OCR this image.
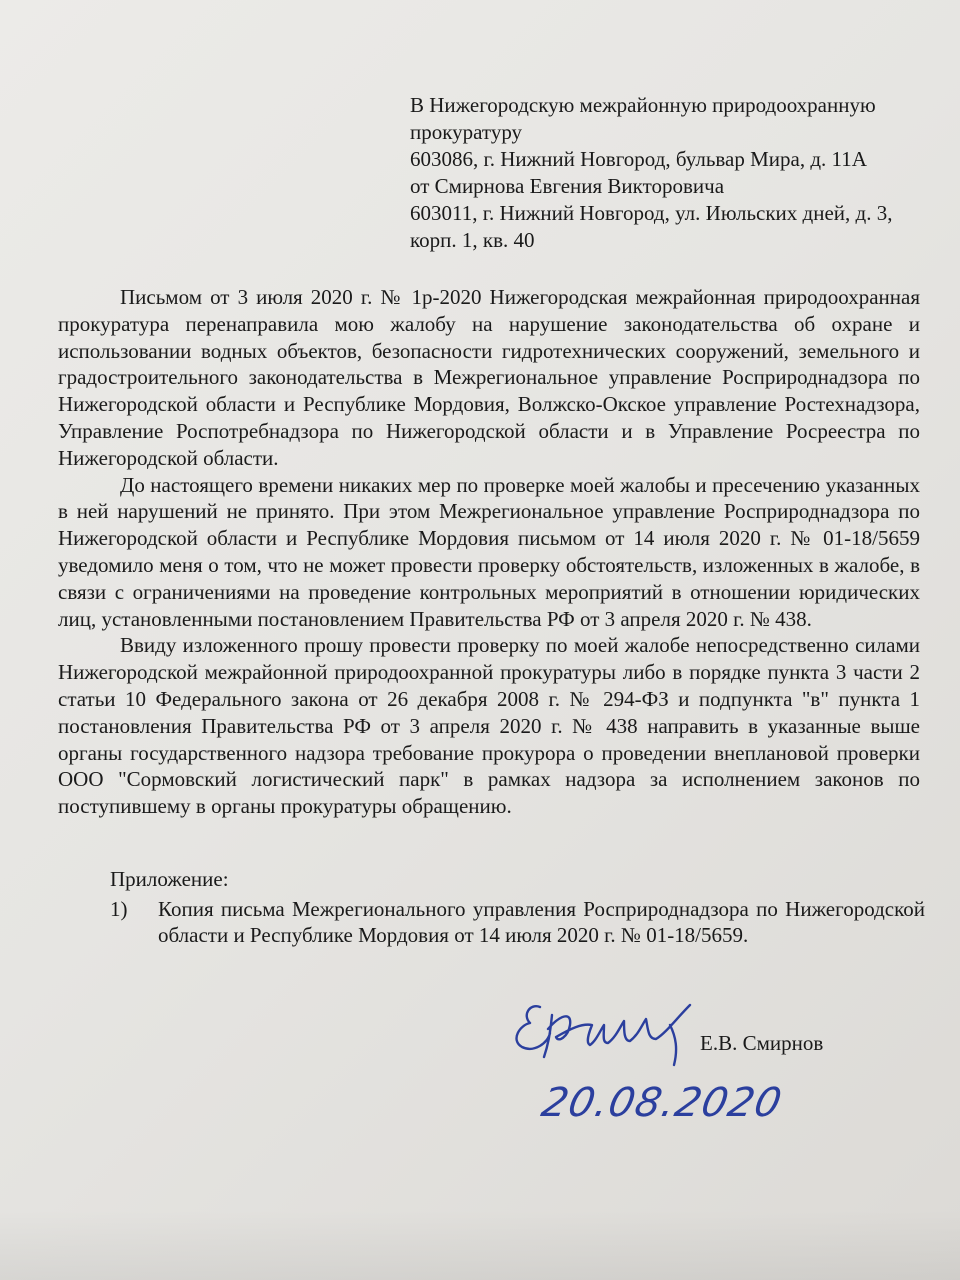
В Нижегородскую межрайонную природоохранную
прокуратуру
603086, г. Нижний Новгород, бульвар Мира, д. 11А
от Смирнова Евгения Викторовича
603011, г. Нижний Новгород, ул. Июльских дней, д. 3,
корп. 1, кв. 40

Письмом от 3 июля 2020 г. № 1р-2020 Нижегородская межрайонная природоохранная прокуратура перенаправила мою жалобу на нарушение законодательства об охране и использовании водных объектов, безопасности гидротехнических сооружений, земельного и градостроительного законодательства в Межрегиональное управление Росприроднадзора по Нижегородской области и Республике Мордовия, Волжско-Окское управление Ростехнадзора, Управление Роспотребнадзора по Нижегородской области и в Управление Росреестра по Нижегородской области.

До настоящего времени никаких мер по проверке моей жалобы и пресечению указанных в ней нарушений не принято. При этом Межрегиональное управление Росприроднадзора по Нижегородской области и Республике Мордовия письмом от 14 июля 2020 г. № 01-18/5659 уведомило меня о том, что не может провести проверку обстоятельств, изложенных в жалобе, в связи с ограничениями на проведение контрольных мероприятий в отношении юридических лиц, установленными постановлением Правительства РФ от 3 апреля 2020 г. № 438.

Ввиду изложенного прошу провести проверку по моей жалобе непосредственно силами Нижегородской межрайонной природоохранной прокуратуры либо в порядке пункта 3 части 2 статьи 10 Федерального закона от 26 декабря 2008 г. № 294-ФЗ и подпункта "в" пункта 1 постановления Правительства РФ от 3 апреля 2020 г. № 438 направить в указанные выше органы государственного надзора требование прокурора о проведении внеплановой проверки ООО "Сормовский логистический парк" в рамках надзора за исполнением законов по поступившему в органы прокуратуры обращению.

Приложение:
1)	Копия письма Межрегионального управления Росприроднадзора по Нижегородской области и Республике Мордовия от 14 июля 2020 г. № 01-18/5659.
Е.В. Смирнов
20.08.2020
